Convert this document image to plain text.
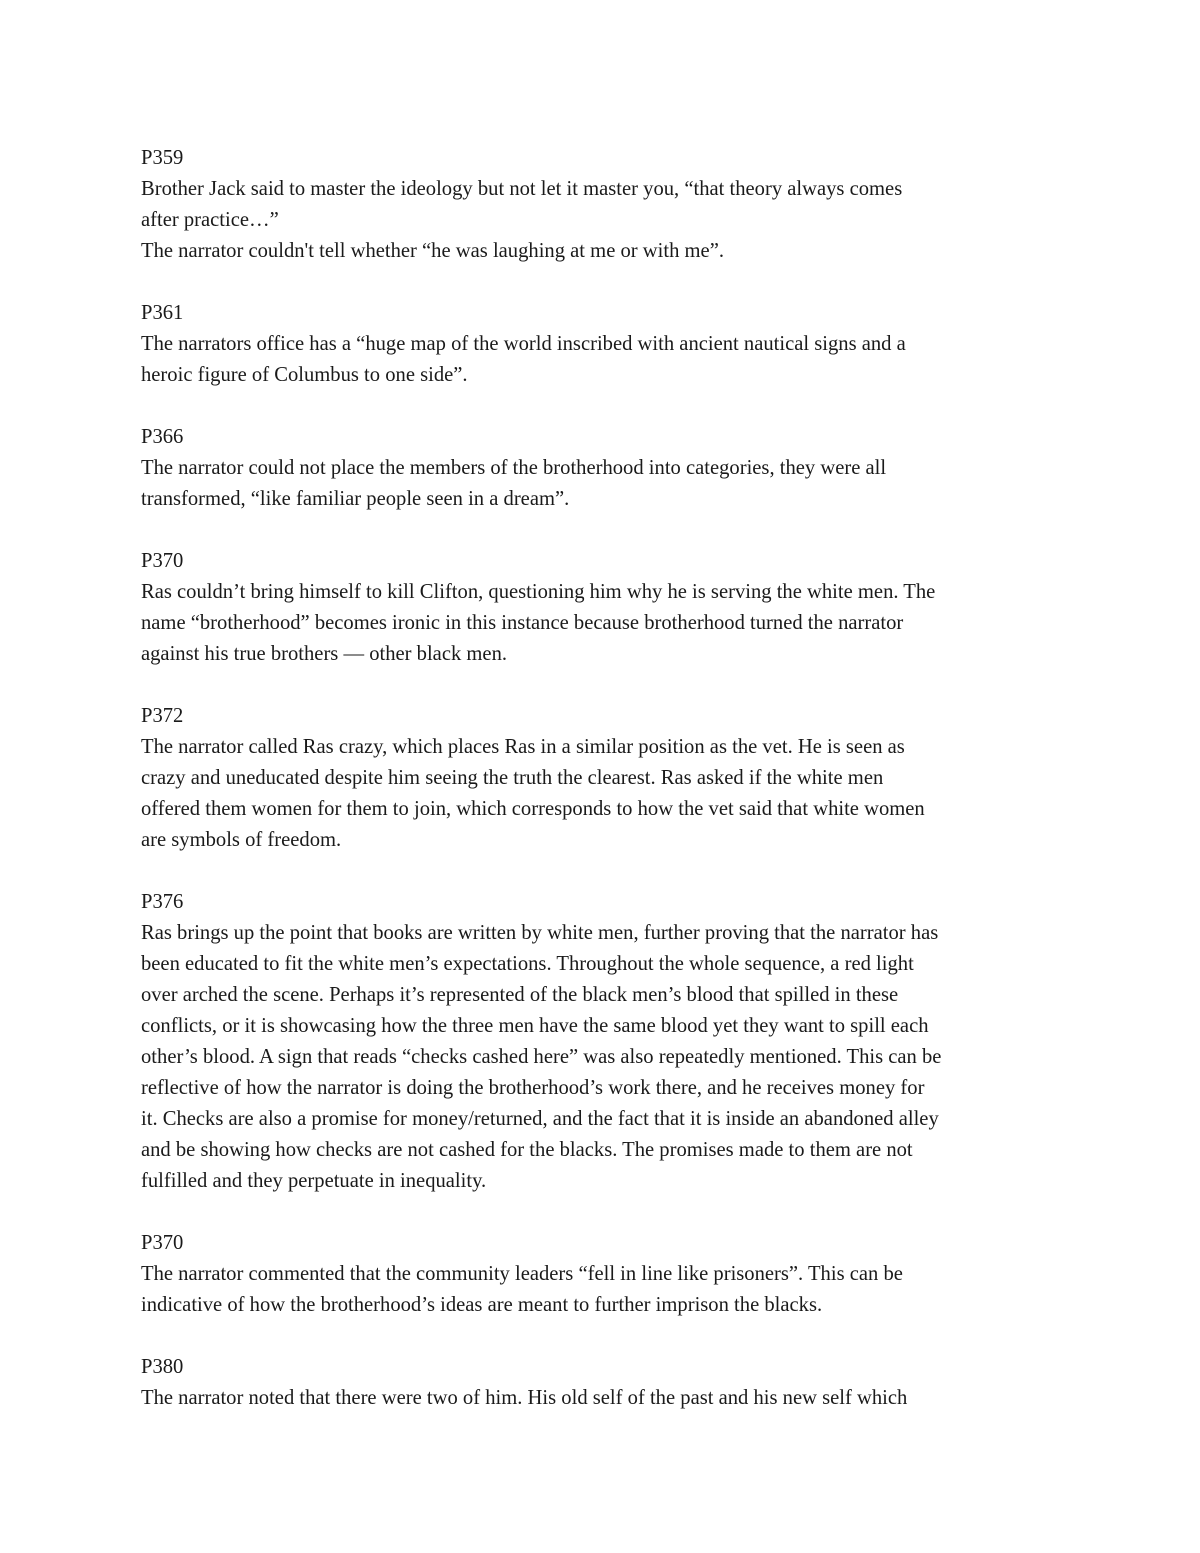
P359
Brother Jack said to master the ideology but not let it master you, “that theory always comes
after practice…”
The narrator couldn't tell whether “he was laughing at me or with me”.
P361
The narrators office has a “huge map of the world inscribed with ancient nautical signs and a
heroic figure of Columbus to one side”.
P366
The narrator could not place the members of the brotherhood into categories, they were all
transformed, “like familiar people seen in a dream”.
P370
Ras couldn’t bring himself to kill Clifton, questioning him why he is serving the white men. The
name “brotherhood” becomes ironic in this instance because brotherhood turned the narrator
against his true brothers — other black men.
P372
The narrator called Ras crazy, which places Ras in a similar position as the vet. He is seen as
crazy and uneducated despite him seeing the truth the clearest. Ras asked if the white men
offered them women for them to join, which corresponds to how the vet said that white women
are symbols of freedom.
P376
Ras brings up the point that books are written by white men, further proving that the narrator has
been educated to fit the white men’s expectations. Throughout the whole sequence, a red light
over arched the scene. Perhaps it’s represented of the black men’s blood that spilled in these
conflicts, or it is showcasing how the three men have the same blood yet they want to spill each
other’s blood. A sign that reads “checks cashed here” was also repeatedly mentioned. This can be
reflective of how the narrator is doing the brotherhood’s work there, and he receives money for
it. Checks are also a promise for money/returned, and the fact that it is inside an abandoned alley
and be showing how checks are not cashed for the blacks. The promises made to them are not
fulfilled and they perpetuate in inequality.
P370
The narrator commented that the community leaders “fell in line like prisoners”. This can be
indicative of how the brotherhood’s ideas are meant to further imprison the blacks.
P380
The narrator noted that there were two of him. His old self of the past and his new self which
